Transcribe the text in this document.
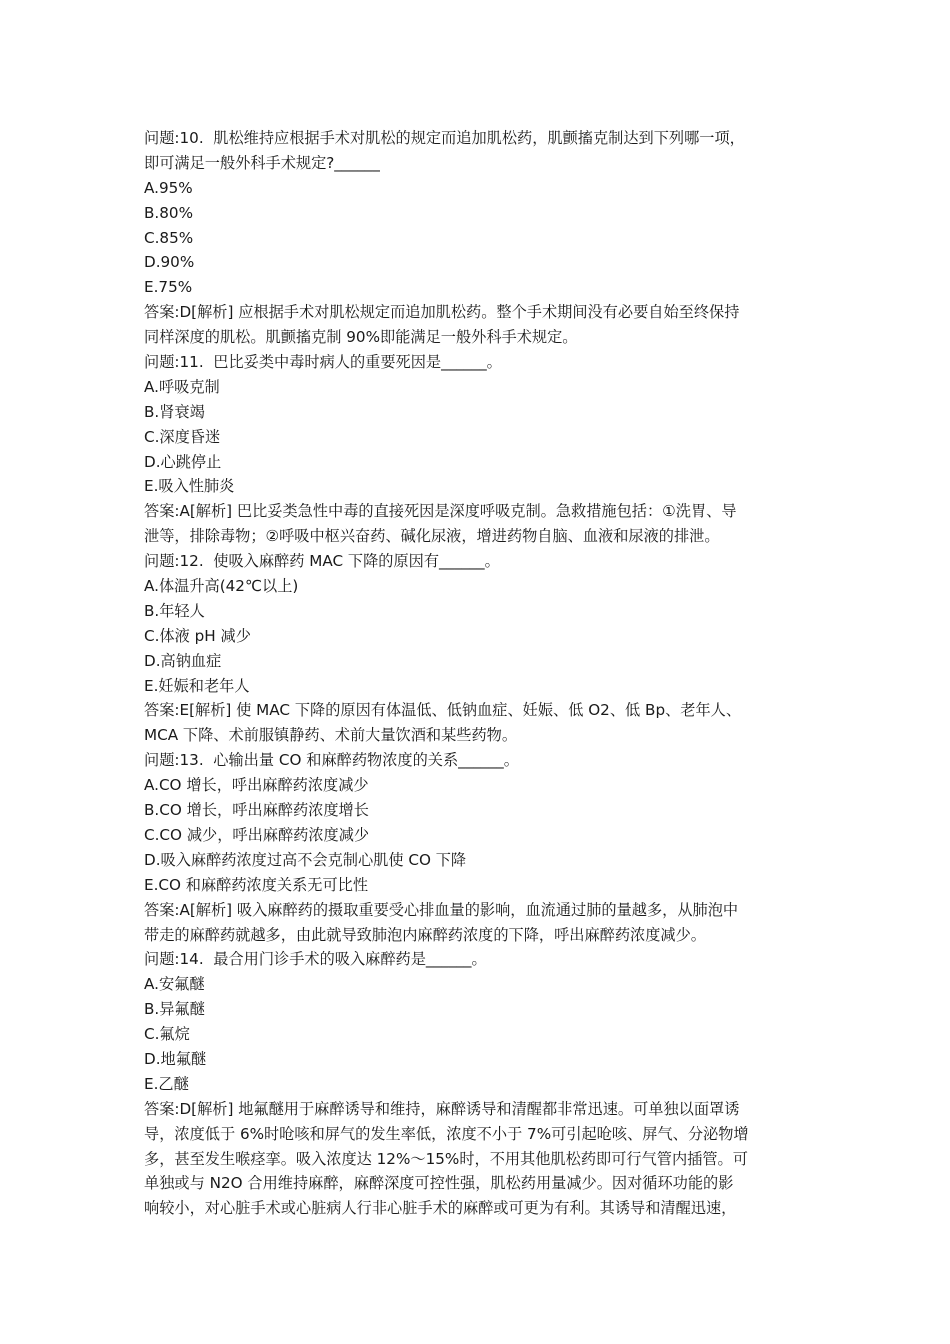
问题:10.  肌松维持应根据手术对肌松的规定而追加肌松药，肌颤搐克制达到下列哪一项，
即可满足一般外科手术规定?______
A.95%
B.80%
C.85%
D.90%
E.75%
答案:D[解析] 应根据手术对肌松规定而追加肌松药。整个手术期间没有必要自始至终保持
同样深度的肌松。肌颤搐克制 90%即能满足一般外科手术规定。
问题:11.  巴比妥类中毒时病人的重要死因是______。
A.呼吸克制
B.肾衰竭
C.深度昏迷
D.心跳停止
E.吸入性肺炎
答案:A[解析] 巴比妥类急性中毒的直接死因是深度呼吸克制。急救措施包括：①洗胃、导
泄等，排除毒物；②呼吸中枢兴奋药、碱化尿液，增进药物自脑、血液和尿液的排泄。
问题:12.  使吸入麻醉药 MAC 下降的原因有______。
A.体温升高(42℃以上)
B.年轻人
C.体液 pH 减少
D.高钠血症
E.妊娠和老年人
答案:E[解析] 使 MAC 下降的原因有体温低、低钠血症、妊娠、低 O2、低 Bp、老年人、
MCA 下降、术前服镇静药、术前大量饮酒和某些药物。
问题:13.  心输出量 CO 和麻醉药物浓度的关系______。
A.CO 增长，呼出麻醉药浓度减少
B.CO 增长，呼出麻醉药浓度增长
C.CO 减少，呼出麻醉药浓度减少
D.吸入麻醉药浓度过高不会克制心肌使 CO 下降
E.CO 和麻醉药浓度关系无可比性
答案:A[解析] 吸入麻醉药的摄取重要受心排血量的影响，血流通过肺的量越多，从肺泡中
带走的麻醉药就越多，由此就导致肺泡内麻醉药浓度的下降，呼出麻醉药浓度减少。
问题:14.  最合用门诊手术的吸入麻醉药是______。
A.安氟醚
B.异氟醚
C.氟烷
D.地氟醚
E.乙醚
答案:D[解析] 地氟醚用于麻醉诱导和维持，麻醉诱导和清醒都非常迅速。可单独以面罩诱
导，浓度低于 6%时呛咳和屏气的发生率低，浓度不小于 7%可引起呛咳、屏气、分泌物增
多，甚至发生喉痉挛。吸入浓度达 12%～15%时，不用其他肌松药即可行气管内插管。可
单独或与 N2O 合用维持麻醉，麻醉深度可控性强，肌松药用量减少。因对循环功能的影
响较小，对心脏手术或心脏病人行非心脏手术的麻醉或可更为有利。其诱导和清醒迅速，
